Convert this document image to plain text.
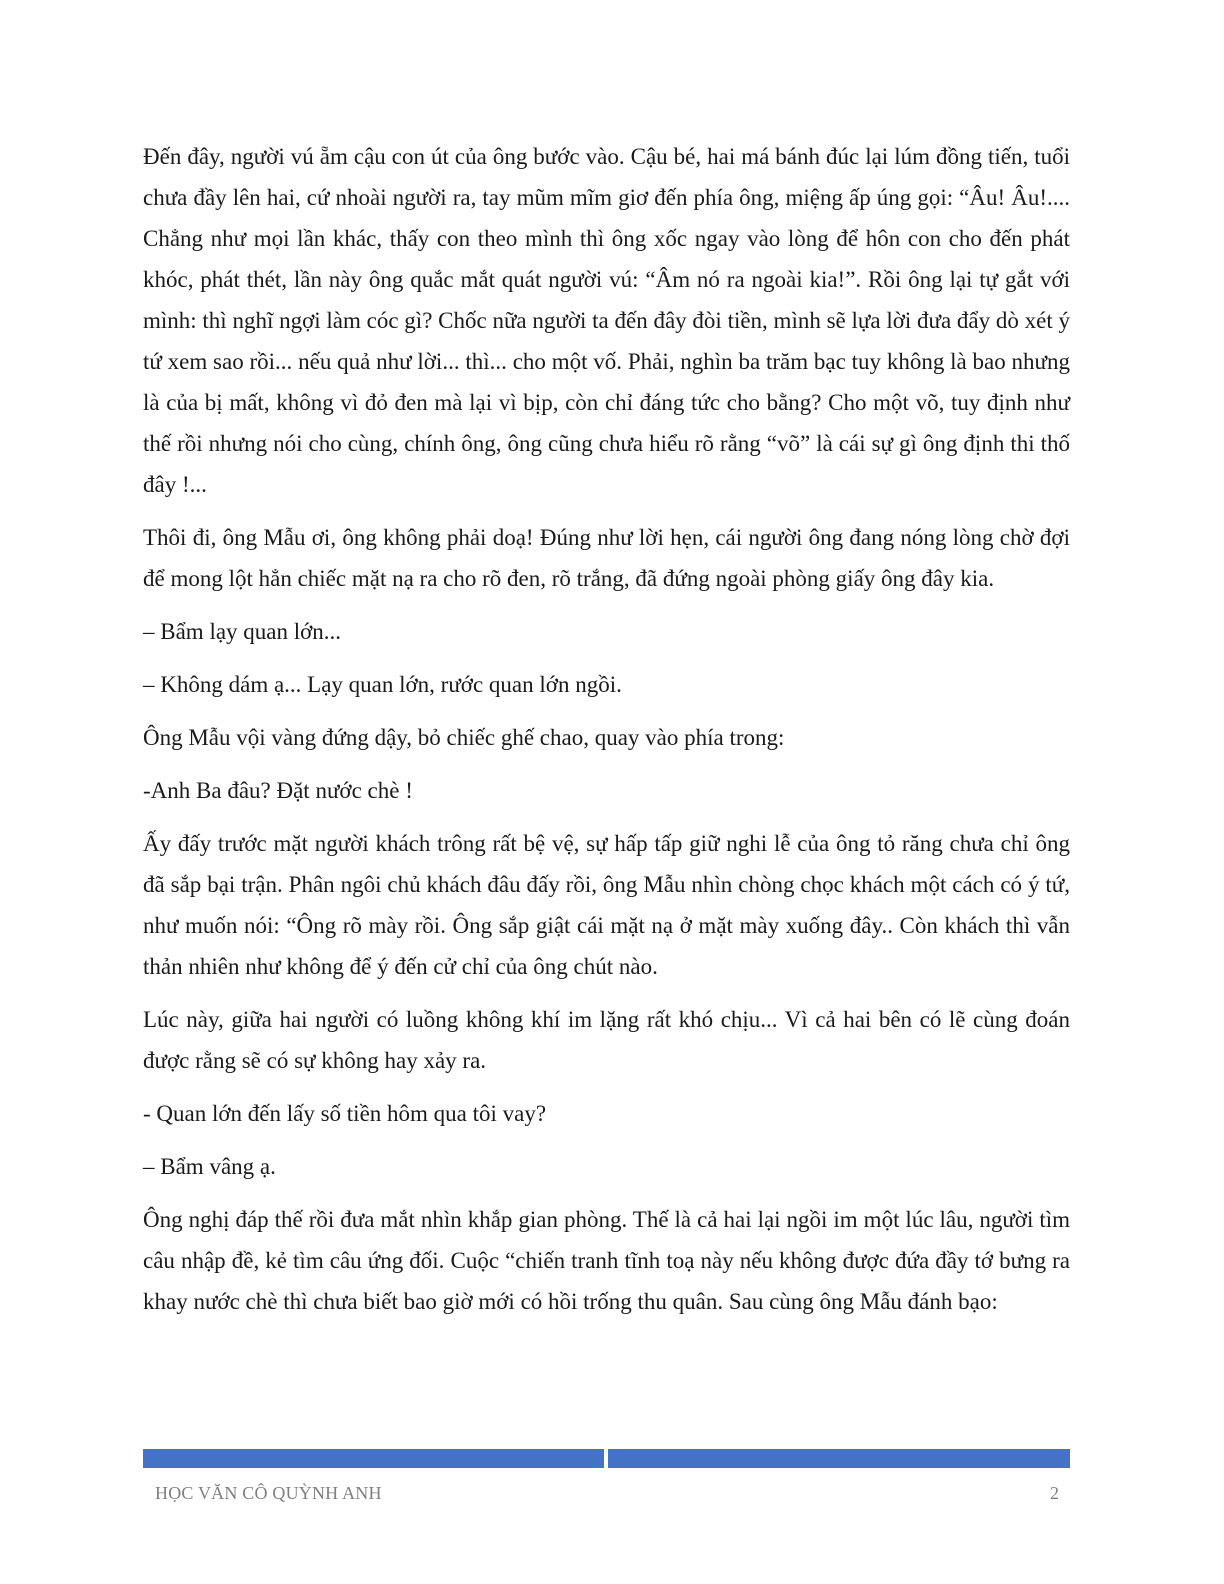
Đến đây, người vú ẵm cậu con út của ông bước vào. Cậu bé, hai má bánh đúc lại lúm đồng tiến, tuổi chưa đầy lên hai, cứ nhoài người ra, tay mũm mĩm giơ đến phía ông, miệng ấp úng gọi: “Âu! Âu!.... Chẳng như mọi lần khác, thấy con theo mình thì ông xốc ngay vào lòng để hôn con cho đến phát khóc, phát thét, lần này ông quắc mắt quát người vú: “Âm nó ra ngoài kia!”. Rồi ông lại tự gắt với mình: thì nghĩ ngợi làm cóc gì? Chốc nữa người ta đến đây đòi tiền, mình sẽ lựa lời đưa đẩy dò xét ý tứ xem sao rồi... nếu quả như lời... thì... cho một vố. Phải, nghìn ba trăm bạc tuy không là bao nhưng là của bị mất, không vì đỏ đen mà lại vì bịp, còn chỉ đáng tức cho bằng? Cho một võ, tuy định như thế rồi nhưng nói cho cùng, chính ông, ông cũng chưa hiểu rõ rằng “võ” là cái sự gì ông định thi thố đây !...

Thôi đi, ông Mẫu ơi, ông không phải doạ! Đúng như lời hẹn, cái người ông đang nóng lòng chờ đợi để mong lột hẳn chiếc mặt nạ ra cho rõ đen, rõ trắng, đã đứng ngoài phòng giấy ông đây kia.

– Bẩm lạy quan lớn...

– Không dám ạ... Lạy quan lớn, rước quan lớn ngồi.

Ông Mẫu vội vàng đứng dậy, bỏ chiếc ghế chao, quay vào phía trong:

-Anh Ba đâu? Đặt nước chè !

Ấy đấy trước mặt người khách trông rất bệ vệ, sự hấp tấp giữ nghi lễ của ông tỏ răng chưa chỉ ông đã sắp bại trận. Phân ngôi chủ khách đâu đấy rồi, ông Mẫu nhìn chòng chọc khách một cách có ý tứ, như muốn nói: “Ông rõ mày rồi. Ông sắp giật cái mặt nạ ở mặt mày xuống đây.. Còn khách thì vẫn thản nhiên như không để ý đến cử chỉ của ông chút nào.

Lúc này, giữa hai người có luồng không khí im lặng rất khó chịu... Vì cả hai bên có lẽ cùng đoán được rằng sẽ có sự không hay xảy ra.

- Quan lớn đến lấy số tiền hôm qua tôi vay?

– Bẩm vâng ạ.

Ông nghị đáp thế rồi đưa mắt nhìn khắp gian phòng. Thế là cả hai lại ngồi im một lúc lâu, người tìm câu nhập đề, kẻ tìm câu ứng đối. Cuộc “chiến tranh tĩnh toạ này nếu không được đứa đầy tớ bưng ra khay nước chè thì chưa biết bao giờ mới có hồi trống thu quân. Sau cùng ông Mẫu đánh bạo:

HỌC VĂN CÔ QUỲNH ANH	2
